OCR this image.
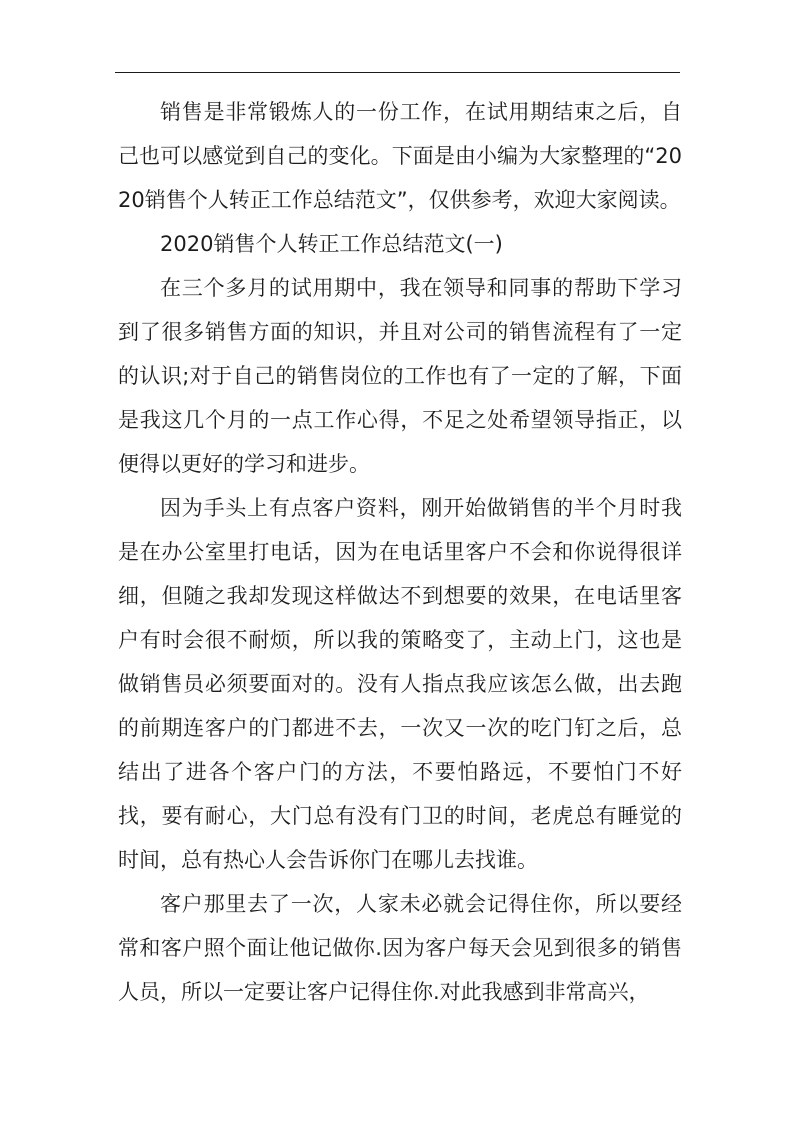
销售是非常锻炼人的一份工作，在试用期结束之后，自己也可以感觉到自己的变化。下面是由小编为大家整理的“2020销售个人转正工作总结范文”，仅供参考，欢迎大家阅读。

2020销售个人转正工作总结范文(一)

在三个多月的试用期中，我在领导和同事的帮助下学习到了很多销售方面的知识，并且对公司的销售流程有了一定的认识;对于自己的销售岗位的工作也有了一定的了解，下面是我这几个月的一点工作心得，不足之处希望领导指正，以便得以更好的学习和进步。

因为手头上有点客户资料，刚开始做销售的半个月时我是在办公室里打电话，因为在电话里客户不会和你说得很详细，但随之我却发现这样做达不到想要的效果，在电话里客户有时会很不耐烦，所以我的策略变了，主动上门，这也是做销售员必须要面对的。没有人指点我应该怎么做，出去跑的前期连客户的门都进不去，一次又一次的吃门钉之后，总结出了进各个客户门的方法，不要怕路远，不要怕门不好找，要有耐心，大门总有没有门卫的时间，老虎总有睡觉的时间，总有热心人会告诉你门在哪儿去找谁。

客户那里去了一次，人家未必就会记得住你，所以要经常和客户照个面让他记做你.因为客户每天会见到很多的销售人员，所以一定要让客户记得住你.对此我感到非常高兴，
